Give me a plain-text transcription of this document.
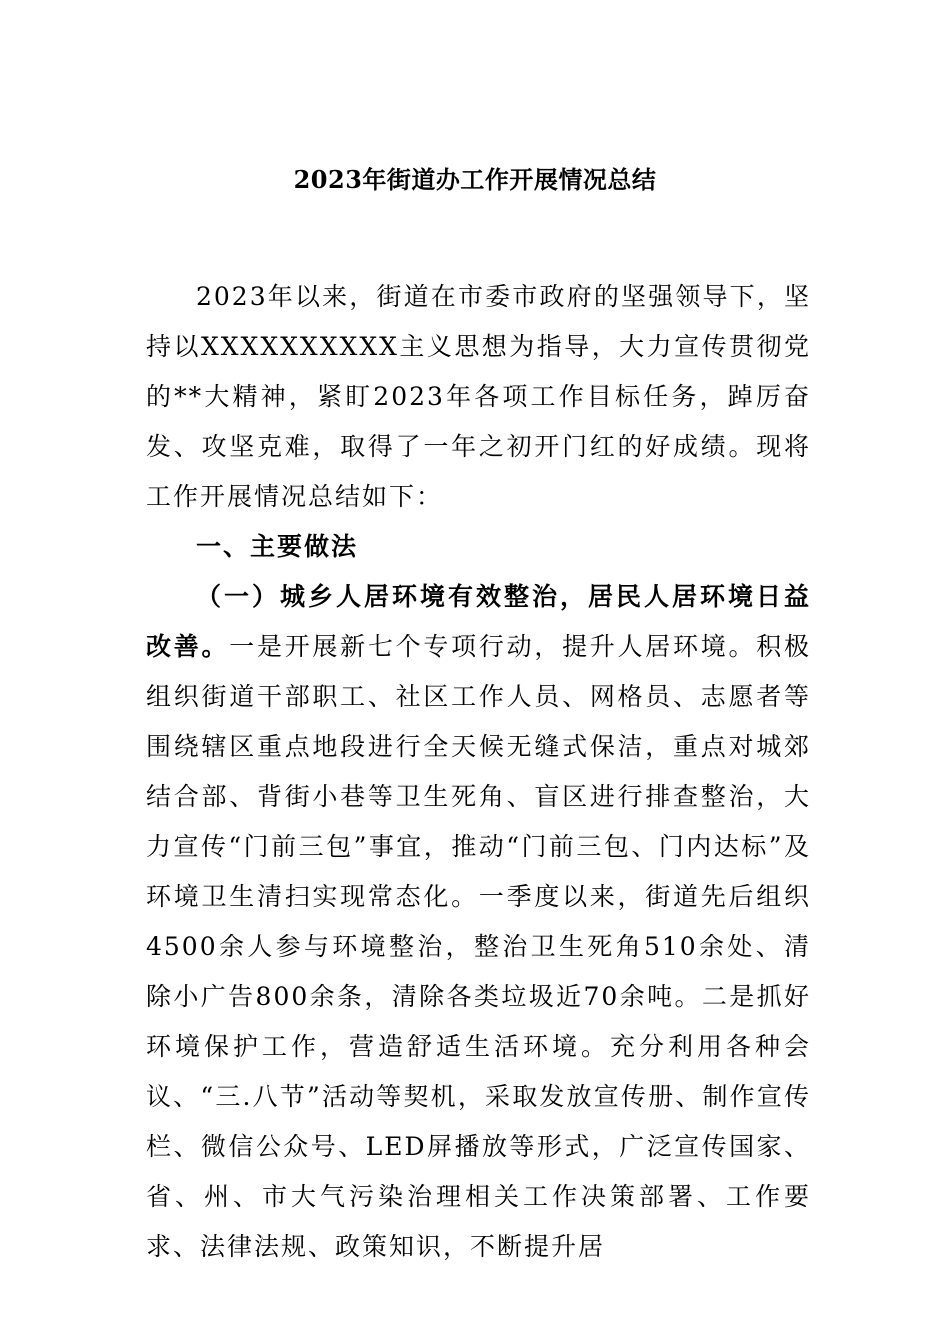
2023年街道办工作开展情况总结

2023年以来，街道在市委市政府的坚强领导下，坚持以XXXXXXXXXX主义思想为指导，大力宣传贯彻党的**大精神，紧盯2023年各项工作目标任务，踔厉奋发、攻坚克难，取得了一年之初开门红的好成绩。现将工作开展情况总结如下：

一、主要做法

（一）城乡人居环境有效整治，居民人居环境日益改善。一是开展新七个专项行动，提升人居环境。积极组织街道干部职工、社区工作人员、网格员、志愿者等围绕辖区重点地段进行全天候无缝式保洁，重点对城郊结合部、背街小巷等卫生死角、盲区进行排查整治，大力宣传“门前三包”事宜，推动“门前三包、门内达标”及环境卫生清扫实现常态化。一季度以来，街道先后组织4500余人参与环境整治，整治卫生死角510余处、清除小广告800余条，清除各类垃圾近70余吨。二是抓好环境保护工作，营造舒适生活环境。充分利用各种会议、“三.八节”活动等契机，采取发放宣传册、制作宣传栏、微信公众号、LED屏播放等形式，广泛宣传国家、省、州、市大气污染治理相关工作决策部署、工作要求、法律法规、政策知识，不断提升居
